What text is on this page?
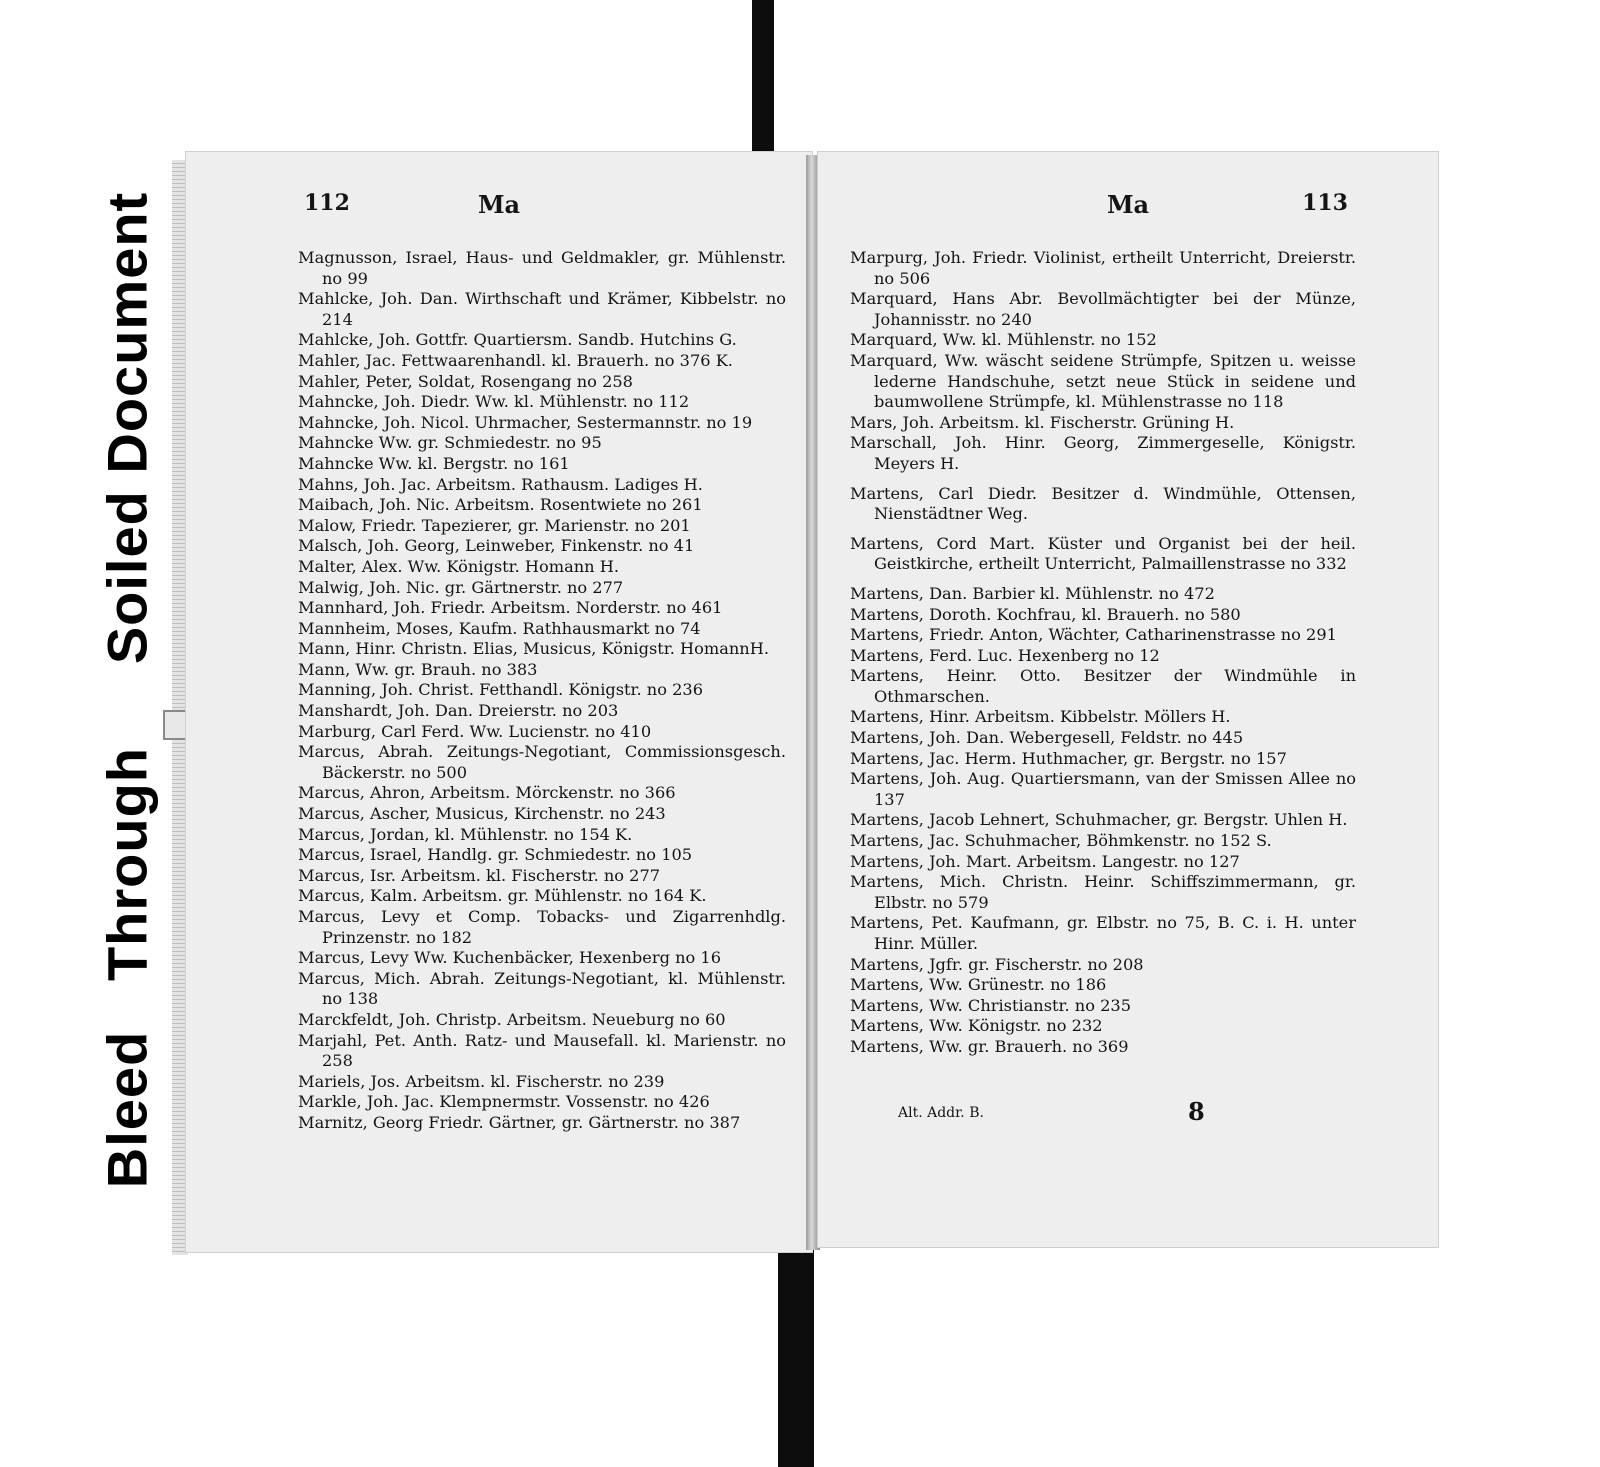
Bleed   Through     Soiled Document	112	Ma
Magnusson, Israel, Haus- und Geldmakler, gr. Mühlenstr. no 99
Mahlcke, Joh. Dan. Wirthschaft und Krämer, Kibbelstr. no 214
Mahlcke, Joh. Gottfr. Quartiersm. Sandb. Hutchins G.
Mahler, Jac. Fettwaarenhandl. kl. Brauerh. no 376 K.
Mahler, Peter, Soldat, Rosengang no 258
Mahncke, Joh. Diedr. Ww. kl. Mühlenstr. no 112
Mahncke, Joh. Nicol. Uhrmacher, Sestermannstr. no 19
Mahncke Ww. gr. Schmiedestr. no 95
Mahncke Ww. kl. Bergstr. no 161
Mahns, Joh. Jac. Arbeitsm. Rathausm. Ladiges H.
Maibach, Joh. Nic. Arbeitsm. Rosentwiete no 261
Malow, Friedr. Tapezierer, gr. Marienstr. no 201
Malsch, Joh. Georg, Leinweber, Finkenstr. no 41
Malter, Alex. Ww. Königstr. Homann H.
Malwig, Joh. Nic. gr. Gärtnerstr. no 277
Mannhard, Joh. Friedr. Arbeitsm. Norderstr. no 461
Mannheim, Moses, Kaufm. Rathhausmarkt no 74
Mann, Hinr. Christn. Elias, Musicus, Königstr. HomannH.
Mann, Ww. gr. Brauh. no 383
Manning, Joh. Christ. Fetthandl. Königstr. no 236
Manshardt, Joh. Dan. Dreierstr. no 203
Marburg, Carl Ferd. Ww. Lucienstr. no 410
Marcus, Abrah. Zeitungs-Negotiant, Commissionsgesch. Bäckerstr. no 500
Marcus, Ahron, Arbeitsm. Mörckenstr. no 366
Marcus, Ascher, Musicus, Kirchenstr. no 243
Marcus, Jordan, kl. Mühlenstr. no 154 K.
Marcus, Israel, Handlg. gr. Schmiedestr. no 105
Marcus, Isr. Arbeitsm. kl. Fischerstr. no 277
Marcus, Kalm. Arbeitsm. gr. Mühlenstr. no 164 K.
Marcus, Levy et Comp. Tobacks- und Zigarrenhdlg. Prinzenstr. no 182
Marcus, Levy Ww. Kuchenbäcker, Hexenberg no 16
Marcus, Mich. Abrah. Zeitungs-Negotiant, kl. Mühlenstr. no 138
Marckfeldt, Joh. Christp. Arbeitsm. Neueburg no 60
Marjahl, Pet. Anth. Ratz- und Mausefall. kl. Marienstr. no 258
Mariels, Jos. Arbeitsm. kl. Fischerstr. no 239
Markle, Joh. Jac. Klempnermstr. Vossenstr. no 426
Marnitz, Georg Friedr. Gärtner, gr. Gärtnerstr. no 387
Ma	113
Marpurg, Joh. Friedr. Violinist, ertheilt Unterricht, Dreierstr. no 506
Marquard, Hans Abr. Bevollmächtigter bei der Münze, Johannisstr. no 240
Marquard, Ww. kl. Mühlenstr. no 152
Marquard, Ww. wäscht seidene Strümpfe, Spitzen u. weisse lederne Handschuhe, setzt neue Stück in seidene und baumwollene Strümpfe, kl. Mühlenstrasse no 118
Mars, Joh. Arbeitsm. kl. Fischerstr. Grüning H.
Marschall, Joh. Hinr. Georg, Zimmergeselle, Königstr. Meyers H.
Martens, Carl Diedr. Besitzer d. Windmühle, Ottensen, Nienstädtner Weg.
Martens, Cord Mart. Küster und Organist bei der heil. Geistkirche, ertheilt Unterricht, Palmaillenstrasse no 332
Martens, Dan. Barbier kl. Mühlenstr. no 472
Martens, Doroth. Kochfrau, kl. Brauerh. no 580
Martens, Friedr. Anton, Wächter, Catharinenstrasse no 291
Martens, Ferd. Luc. Hexenberg no 12
Martens, Heinr. Otto. Besitzer der Windmühle in Othmarschen.
Martens, Hinr. Arbeitsm. Kibbelstr. Möllers H.
Martens, Joh. Dan. Webergesell, Feldstr. no 445
Martens, Jac. Herm. Huthmacher, gr. Bergstr. no 157
Martens, Joh. Aug. Quartiersmann, van der Smissen Allee no 137
Martens, Jacob Lehnert, Schuhmacher, gr. Bergstr. Uhlen H.
Martens, Jac. Schuhmacher, Böhmkenstr. no 152 S.
Martens, Joh. Mart. Arbeitsm. Langestr. no 127
Martens, Mich. Christn. Heinr. Schiffszimmermann, gr. Elbstr. no 579
Martens, Pet. Kaufmann, gr. Elbstr. no 75, B. C. i. H. unter Hinr. Müller.
Martens, Jgfr. gr. Fischerstr. no 208
Martens, Ww. Grünestr. no 186
Martens, Ww. Christianstr. no 235
Martens, Ww. Königstr. no 232
Martens, Ww. gr. Brauerh. no 369
Alt. Addr. B.	8
